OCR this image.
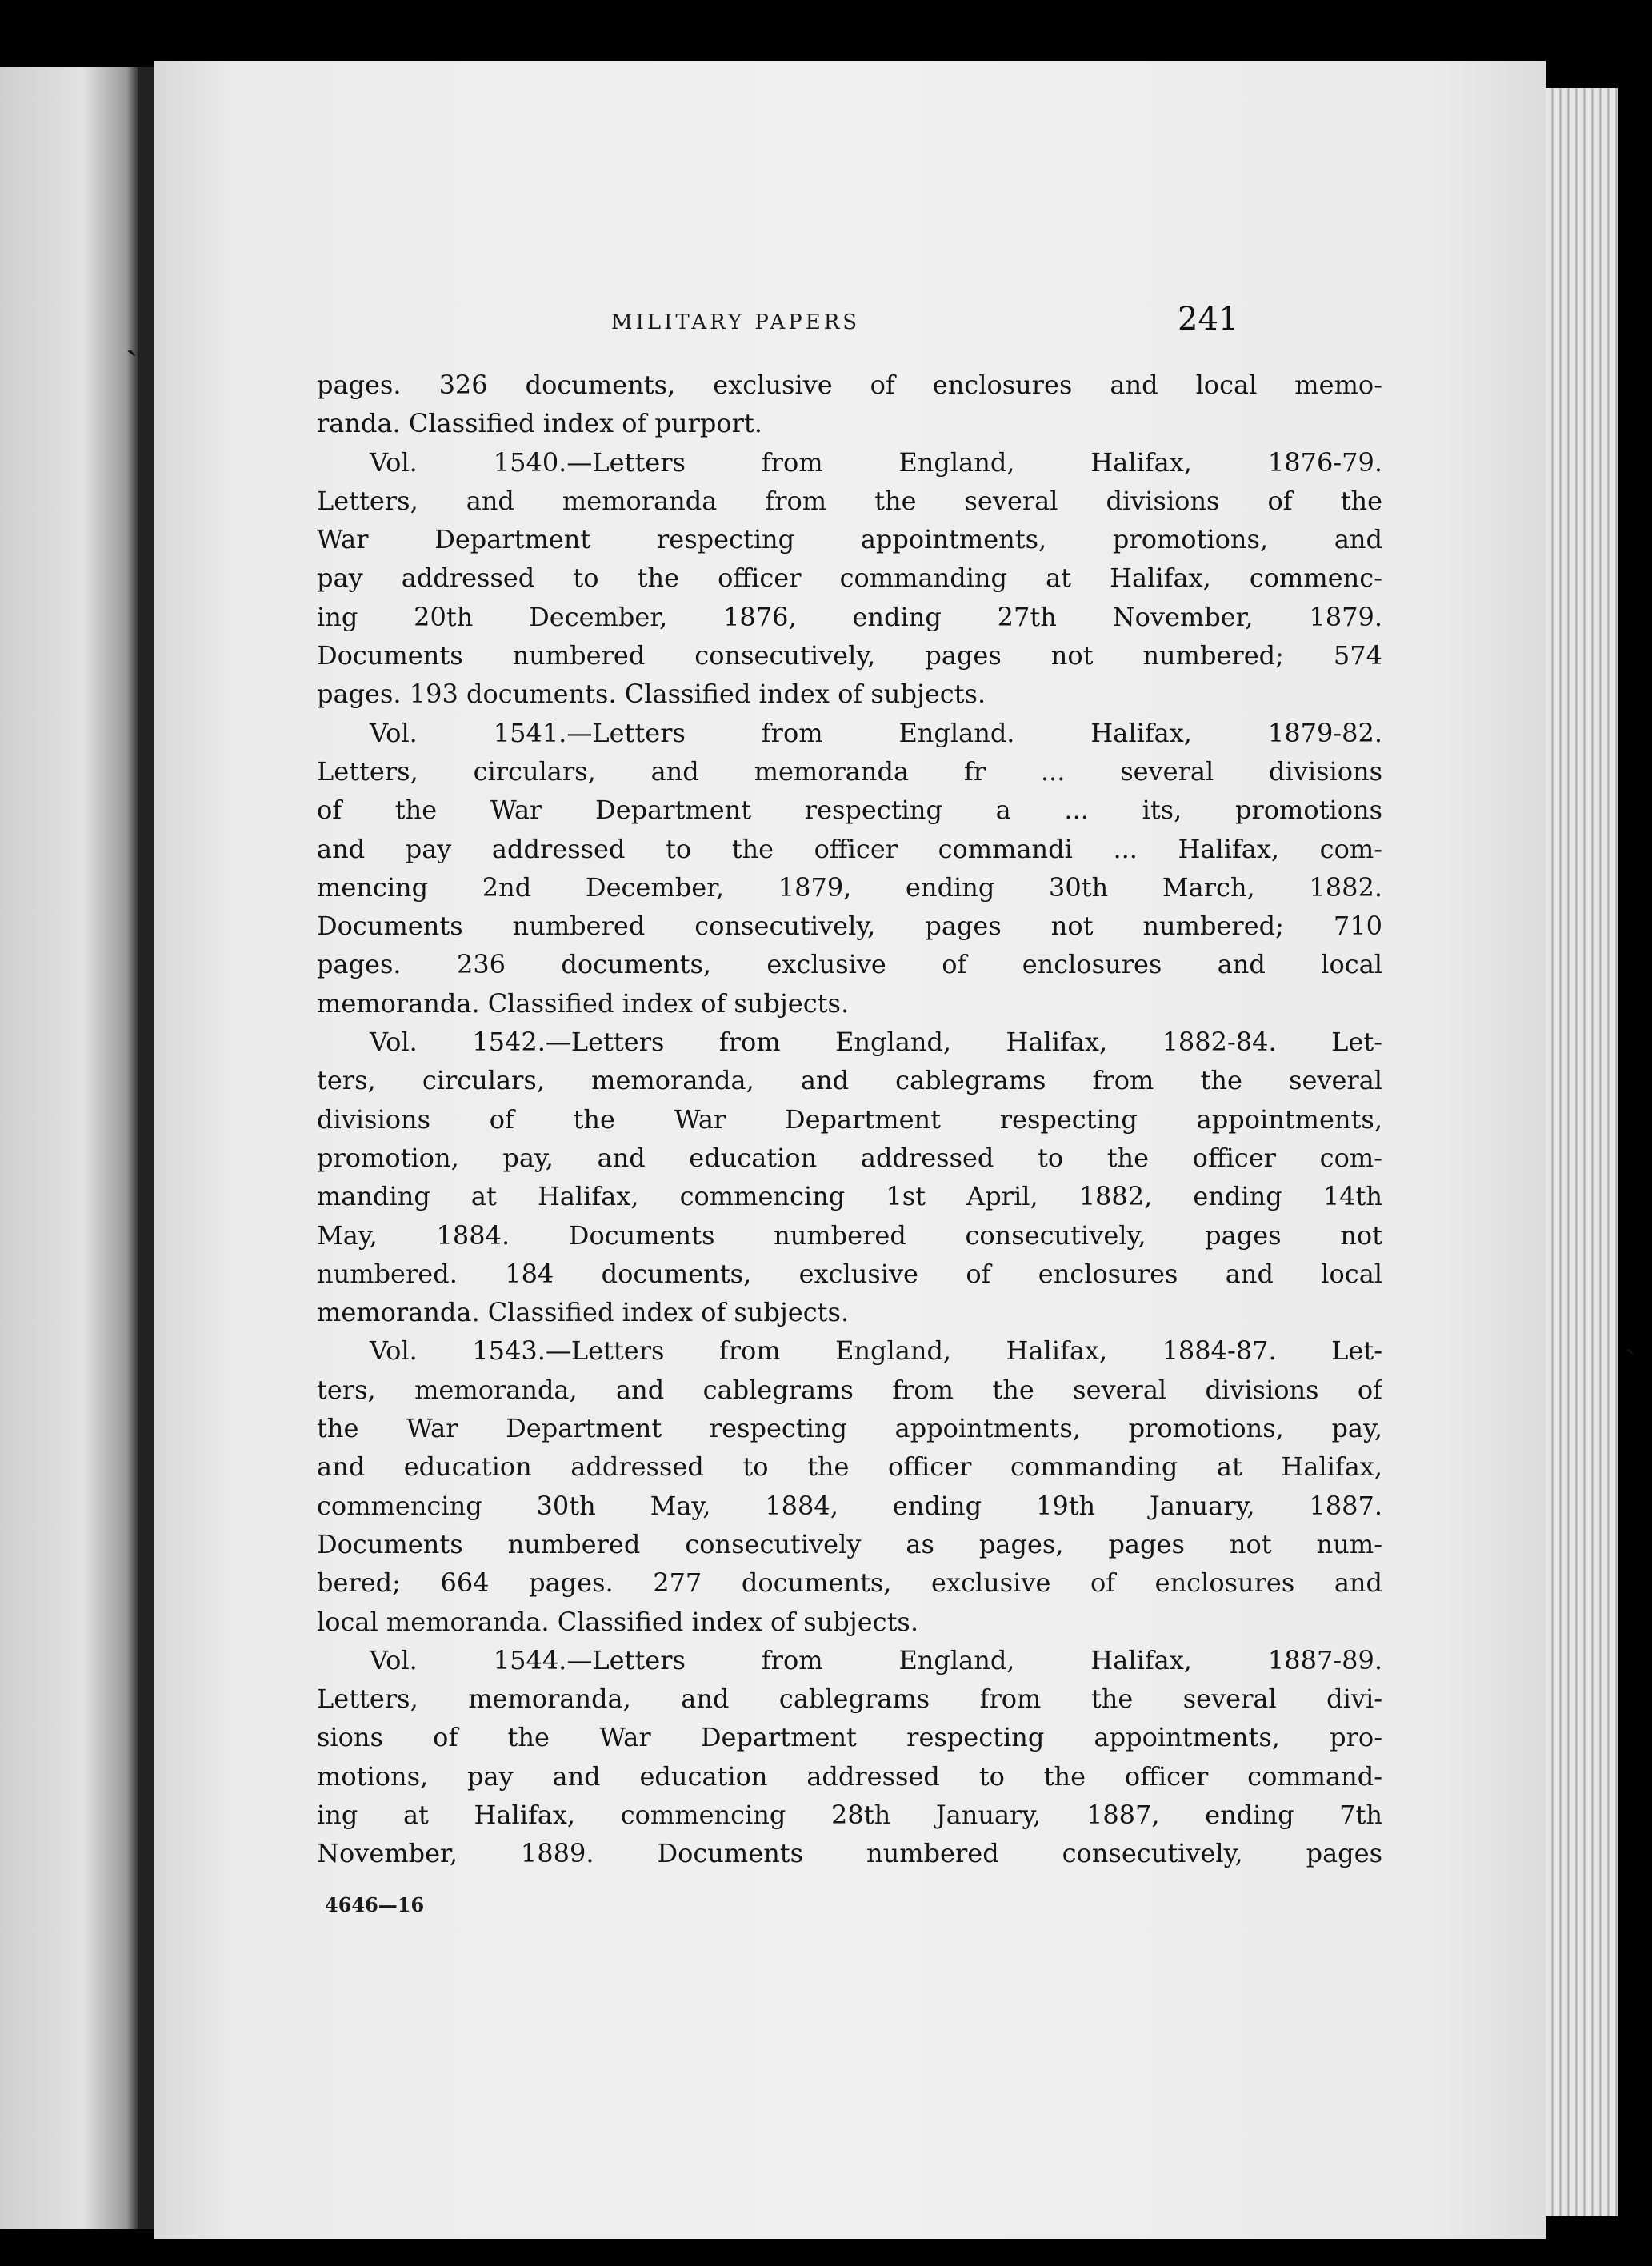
MILITARY PAPERS	241
pages. 326 documents, exclusive of enclosures and local memo-
randa. Classified index of purport.
Vol. 1540.—Letters from England, Halifax, 1876-79.
Letters, and memoranda from the several divisions of the
War Department respecting appointments, promotions, and
pay addressed to the officer commanding at Halifax, commenc-
ing 20th December, 1876, ending 27th November, 1879.
Documents numbered consecutively, pages not numbered; 574
pages. 193 documents. Classified index of subjects.
Vol. 1541.—Letters from England. Halifax, 1879-82.
Letters, circulars, and memoranda fr ... several divisions
of the War Department respecting a ... its, promotions
and pay addressed to the officer commandi ... Halifax, com-
mencing 2nd December, 1879, ending 30th March, 1882.
Documents numbered consecutively, pages not numbered; 710
pages. 236 documents, exclusive of enclosures and local
memoranda. Classified index of subjects.
Vol. 1542.—Letters from England, Halifax, 1882-84. Let-
ters, circulars, memoranda, and cablegrams from the several
divisions of the War Department respecting appointments,
promotion, pay, and education addressed to the officer com-
manding at Halifax, commencing 1st April, 1882, ending 14th
May, 1884. Documents numbered consecutively, pages not
numbered. 184 documents, exclusive of enclosures and local
memoranda. Classified index of subjects.
Vol. 1543.—Letters from England, Halifax, 1884-87. Let-
ters, memoranda, and cablegrams from the several divisions of
the War Department respecting appointments, promotions, pay,
and education addressed to the officer commanding at Halifax,
commencing 30th May, 1884, ending 19th January, 1887.
Documents numbered consecutively as pages, pages not num-
bered; 664 pages. 277 documents, exclusive of enclosures and
local memoranda. Classified index of subjects.
Vol. 1544.—Letters from England, Halifax, 1887-89.
Letters, memoranda, and cablegrams from the several divi-
sions of the War Department respecting appointments, pro-
motions, pay and education addressed to the officer command-
ing at Halifax, commencing 28th January, 1887, ending 7th
November, 1889. Documents numbered consecutively, pages
4646—16
ˎ
ˏ
